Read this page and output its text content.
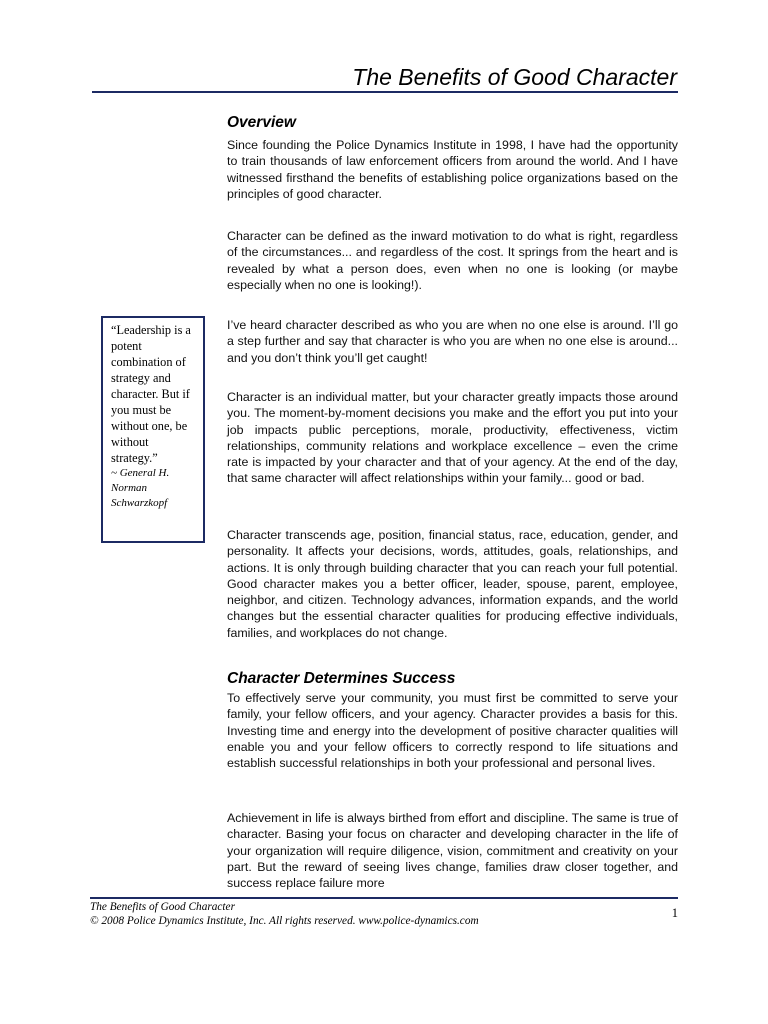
The Benefits of Good Character
Overview

Since founding the Police Dynamics Institute in 1998, I have had the opportunity to train thousands of law enforcement officers from around the world. And I have witnessed firsthand the benefits of establishing police organizations based on the principles of good character.

Character can be defined as the inward motivation to do what is right, regardless of the circumstances... and regardless of the cost. It springs from the heart and is revealed by what a person does, even when no one is looking (or maybe especially when no one is looking!).

I’ve heard character described as who you are when no one else is around. I’ll go a step further and say that character is who you are when no one else is around... and you don’t think you’ll get caught!

Character is an individual matter, but your character greatly impacts those around you. The moment-by-moment decisions you make and the effort you put into your job impacts public perceptions, morale, productivity, effectiveness, victim relationships, community relations and workplace excellence – even the crime rate is impacted by your character and that of your agency. At the end of the day, that same character will affect relationships within your family... good or bad.

Character transcends age, position, financial status, race, education, gender, and personality. It affects your decisions, words, attitudes, goals, relationships, and actions. It is only through building character that you can reach your full potential. Good character makes you a better officer, leader, spouse, parent, employee, neighbor, and citizen. Technology advances, information expands, and the world changes but the essential character qualities for producing effective individuals, families, and workplaces do not change.

Character Determines Success

To effectively serve your community, you must first be committed to serve your family, your fellow officers, and your agency. Character provides a basis for this. Investing time and energy into the development of positive character qualities will enable you and your fellow officers to correctly respond to life situations and establish successful relationships in both your professional and personal lives.

Achievement in life is always birthed from effort and discipline. The same is true of character. Basing your focus on character and developing character in the life of your organization will require diligence, vision, commitment and creativity on your part. But the reward of seeing lives change, families draw closer together, and success replace failure more

“Leadership is a potent combination of strategy and character. But if you must be without one, be without strategy.”
~ General H. Norman Schwarzkopf
The Benefits of Good Character
© 2008 Police Dynamics Institute, Inc. All rights reserved. www.police-dynamics.com
1
